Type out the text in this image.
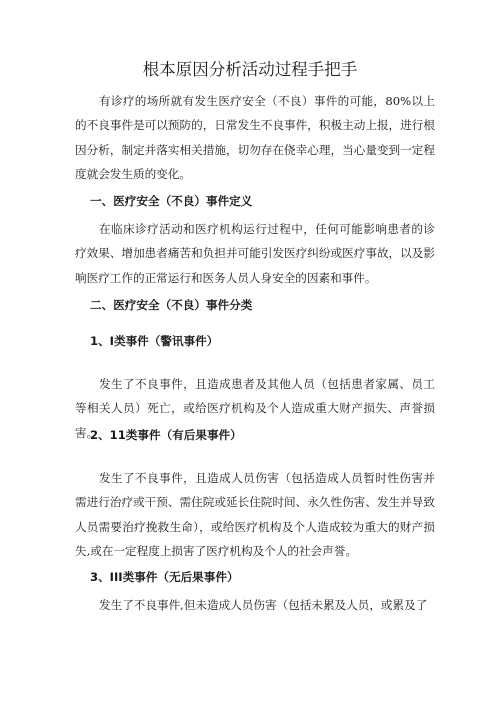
根本原因分析活动过程手把手

有诊疗的场所就有发生医疗安全（不良）事件的可能，80%以上的不良事件是可以预防的，日常发生不良事件，积极主动上报，进行根因分析，制定并落实相关措施，切勿存在侥幸心理，当心量变到一定程度就会发生质的变化。

一、医疗安全（不良）事件定义

在临床诊疗活动和医疗机构运行过程中，任何可能影响患者的诊疗效果、增加患者痛苦和负担并可能引发医疗纠纷或医疗事故，以及影响医疗工作的正常运行和医务人员人身安全的因素和事件。

二、医疗安全（不良）事件分类
1、I类事件（警讯事件）

发生了不良事件，且造成患者及其他人员（包括患者家属、员工等相关人员）死亡，或给医疗机构及个人造成重大财产损失、声誉损害。

2、11类事件（有后果事件）

发生了不良事件，且造成人员伤害（包括造成人员暂时性伤害并需进行治疗或干预、需住院或延长住院时间、永久性伤害、发生并导致人员需要治疗挽救生命），或给医疗机构及个人造成较为重大的财产损失,或在一定程度上损害了医疗机构及个人的社会声誉。

3、III类事件（无后果事件）

发生了不良事件,但未造成人员伤害（包括未累及人员，或累及了
